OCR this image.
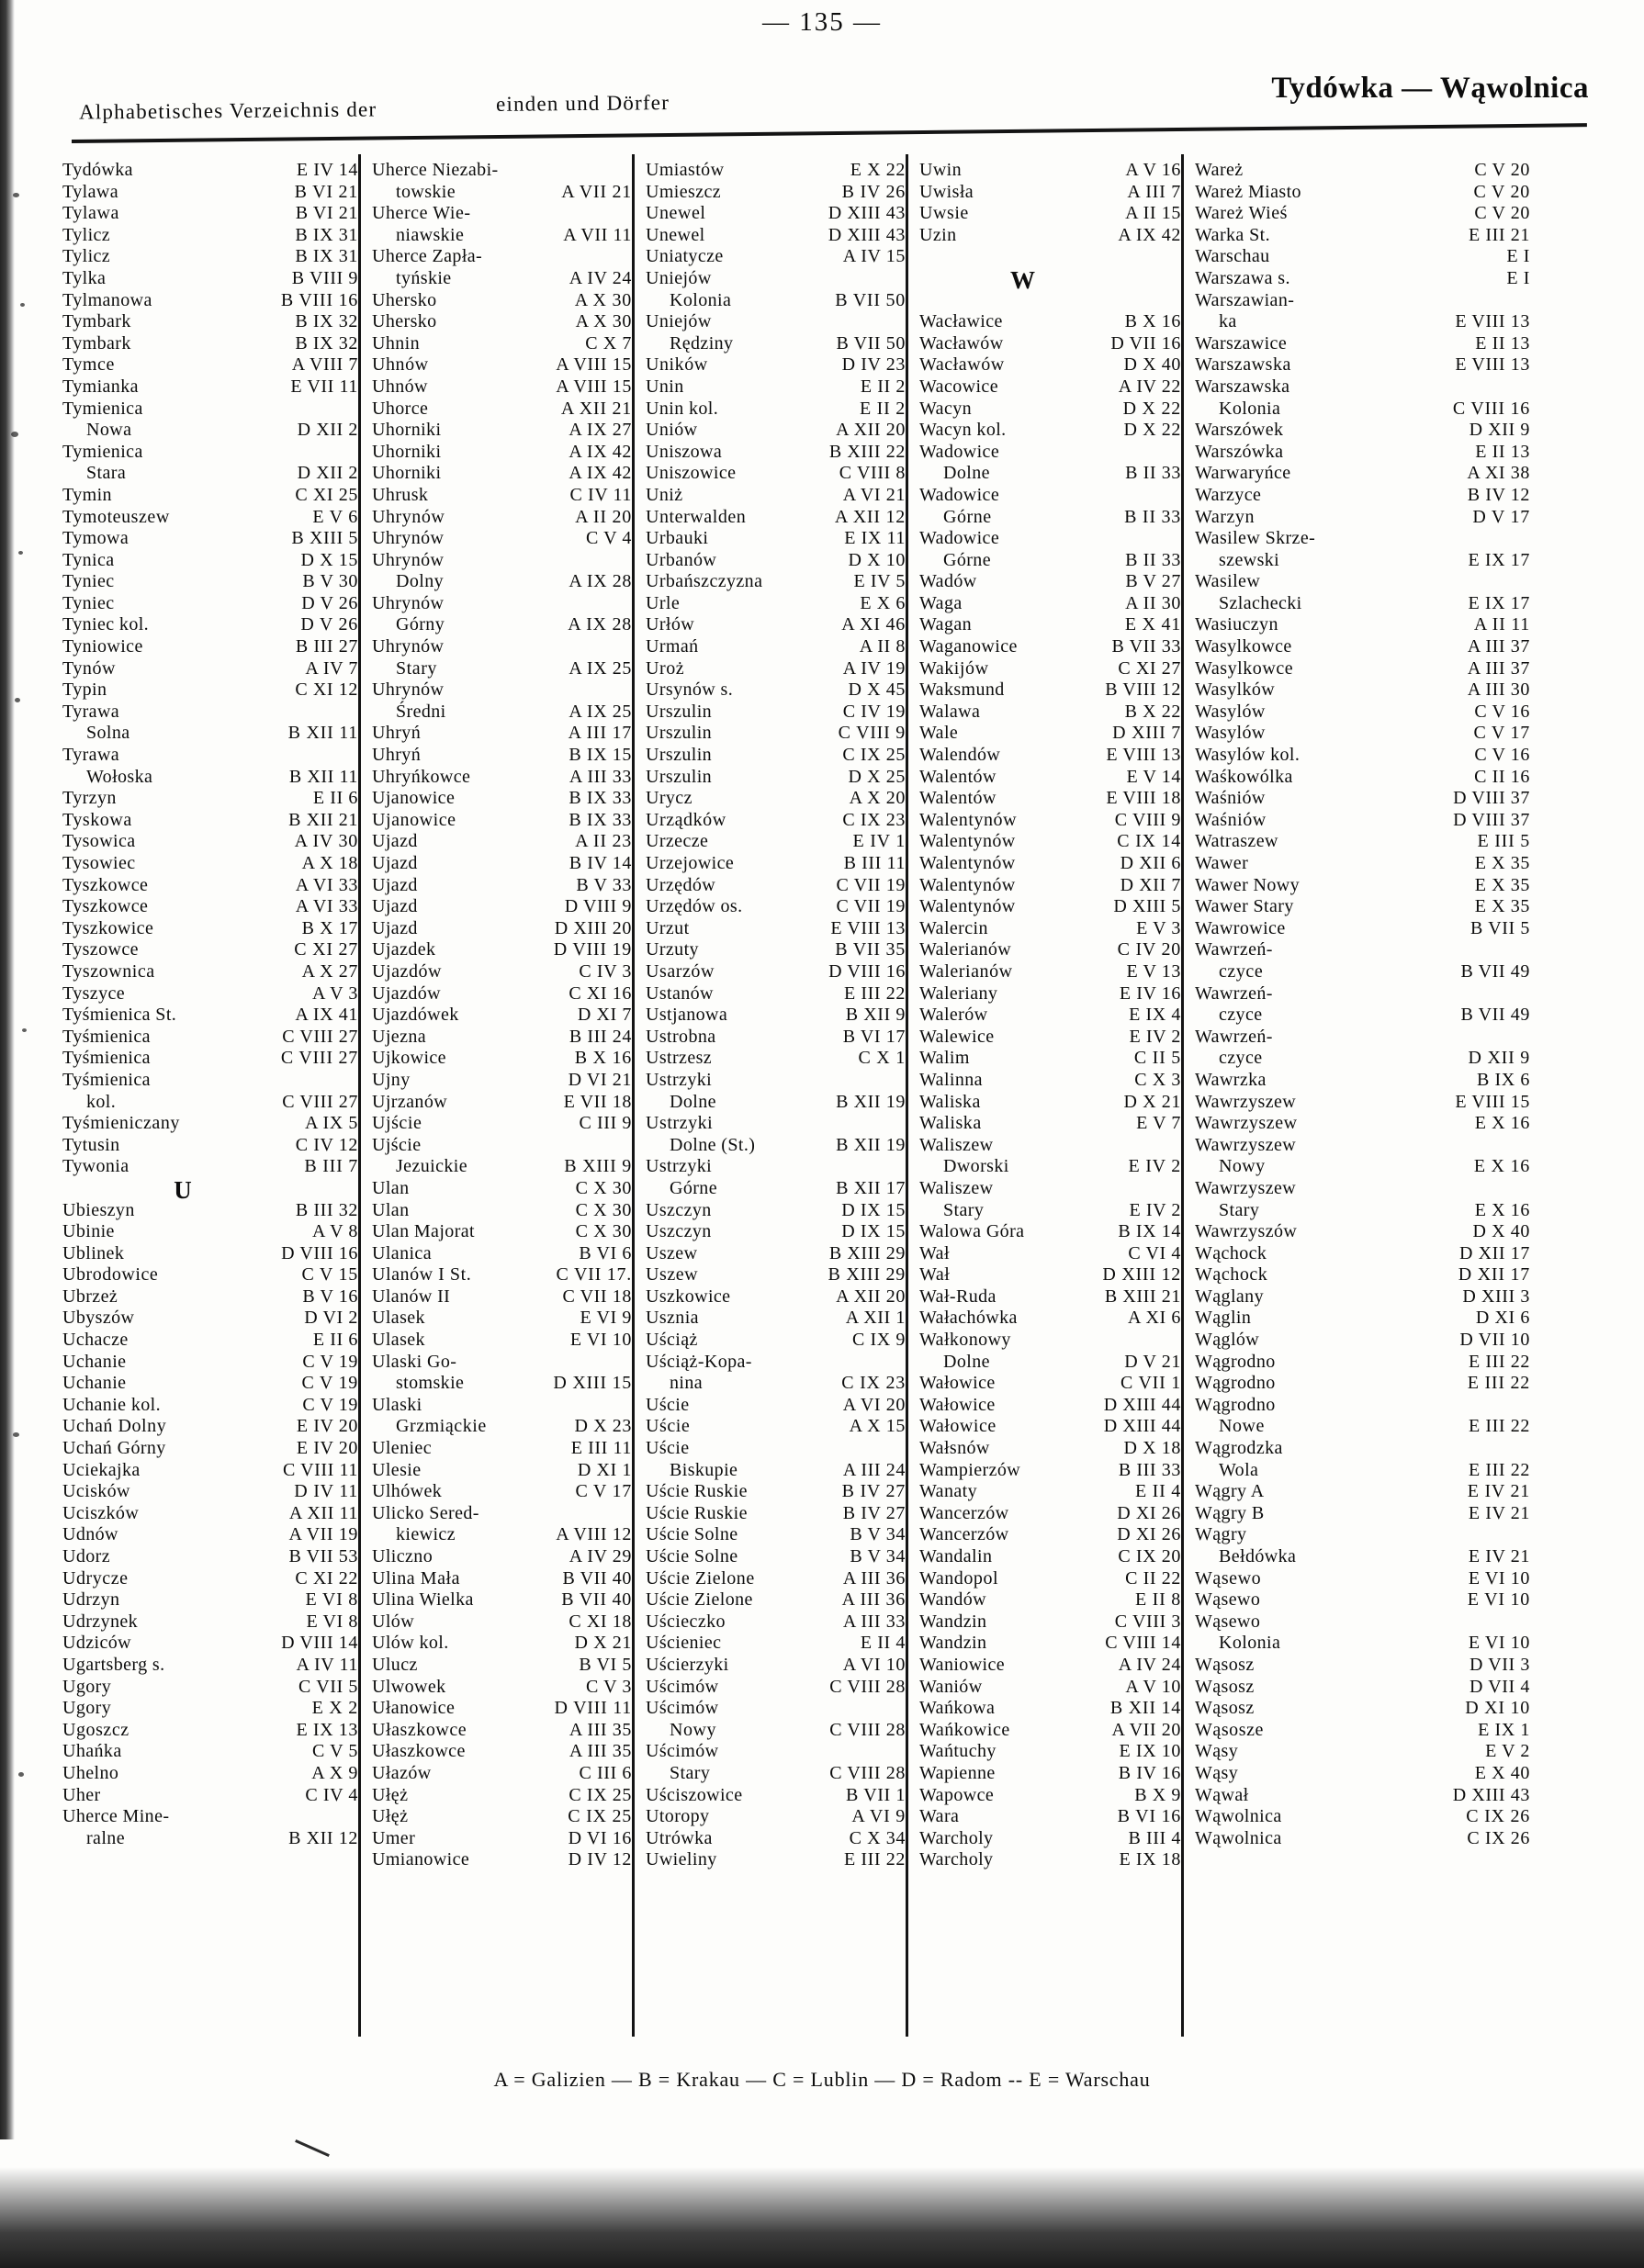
— 135 —
Alphabetisches Verzeichnis der	einden und Dörfer	Tydówka — Wąwolnica
Tydówka	E IV 14
Tylawa	B VI 21
Tylawa	B VI 21
Tylicz	B IX 31
Tylicz	B IX 31
Tylka	B VIII 9
Tylmanowa	B VIII 16
Tymbark	B IX 32
Tymbark	B IX 32
Tymce	A VIII 7
Tymianka	E VII 11
Tymienica
Nowa	D XII 2
Tymienica
Stara	D XII 2
Tymin	C XI 25
Tymoteuszew	E V 6
Tymowa	B XIII 5
Tynica	D X 15
Tyniec	B V 30
Tyniec	D V 26
Tyniec kol.	D V 26
Tyniowice	B III 27
Tynów	A IV 7
Typin	C XI 12
Tyrawa
Solna	B XII 11
Tyrawa
Wołoska	B XII 11
Tyrzyn	E II 6
Tyskowa	B XII 21
Tysowica	A IV 30
Tysowiec	A X 18
Tyszkowce	A VI 33
Tyszkowce	A VI 33
Tyszkowice	B X 17
Tyszowce	C XI 27
Tyszownica	A X 27
Tyszyce	A V 3
Tyśmienica St.	A IX 41
Tyśmienica	C VIII 27
Tyśmienica	C VIII 27
Tyśmienica
kol.	C VIII 27
Tyśmieniczany	A IX 5
Tytusin	C IV 12
Tywonia	B III 7
U
Ubieszyn	B III 32
Ubinie	A V 8
Ublinek	D VIII 16
Ubrodowice	C V 15
Ubrzeż	B V 16
Ubyszów	D VI 2
Uchacze	E II 6
Uchanie	C V 19
Uchanie	C V 19
Uchanie kol.	C V 19
Uchań Dolny	E IV 20
Uchań Górny	E IV 20
Uciekajka	C VIII 11
Ucisków	D IV 11
Uciszków	A XII 11
Udnów	A VII 19
Udorz	B VII 53
Udrycze	C XI 22
Udrzyn	E VI 8
Udrzynek	E VI 8
Udziców	D VIII 14
Ugartsberg s.	A IV 11
Ugory	C VII 5
Ugory	E X 2
Ugoszcz	E IX 13
Uhańka	C V 5
Uhelno	A X 9
Uher	C IV 4
Uherce Mine-
ralne	B XII 12
Uherce Niezabi-
towskie	A VII 21
Uherce Wie-
niawskie	A VII 11
Uherce Zapła-
tyńskie	A IV 24
Uhersko	A X 30
Uhersko	A X 30
Uhnin	C X 7
Uhnów	A VIII 15
Uhnów	A VIII 15
Uhorce	A XII 21
Uhorniki	A IX 27
Uhorniki	A IX 42
Uhorniki	A IX 42
Uhrusk	C IV 11
Uhrynów	A II 20
Uhrynów	C V 4
Uhrynów
Dolny	A IX 28
Uhrynów
Górny	A IX 28
Uhrynów
Stary	A IX 25
Uhrynów
Średni	A IX 25
Uhryń	A III 17
Uhryń	B IX 15
Uhryńkowce	A III 33
Ujanowice	B IX 33
Ujanowice	B IX 33
Ujazd	A II 23
Ujazd	B IV 14
Ujazd	B V 33
Ujazd	D VIII 9
Ujazd	D XIII 20
Ujazdek	D VIII 19
Ujazdów	C IV 3
Ujazdów	C XI 16
Ujazdówek	D XI 7
Ujezna	B III 24
Ujkowice	B X 16
Ujny	D VI 21
Ujrzanów	E VII 18
Ujście	C III 9
Ujście
Jezuickie	B XIII 9
Ulan	C X 30
Ulan	C X 30
Ulan Majorat	C X 30
Ulanica	B VI 6
Ulanów I St.	C VII 17.
Ulanów II	C VII 18
Ulasek	E VI 9
Ulasek	E VI 10
Ulaski Go-
stomskie	D XIII 15
Ulaski
Grzmiąckie	D X 23
Uleniec	E III 11
Ulesie	D XI 1
Ulhówek	C V 17
Ulicko Sered-
kiewicz	A VIII 12
Uliczno	A IV 29
Ulina Mała	B VII 40
Ulina Wielka	B VII 40
Ulów	C XI 18
Ulów kol.	D X 21
Ulucz	B VI 5
Ulwowek	C V 3
Ułanowice	D VIII 11
Ułaszkowce	A III 35
Ułaszkowce	A III 35
Ułazów	C III 6
Ułęż	C IX 25
Ułęż	C IX 25
Umer	D VI 16
Umianowice	D IV 12
Umiastów	E X 22
Umieszcz	B IV 26
Unewel	D XIII 43
Unewel	D XIII 43
Uniatycze	A IV 15
Uniejów
Kolonia	B VII 50
Uniejów
Rędziny	B VII 50
Uników	D IV 23
Unin	E II 2
Unin kol.	E II 2
Uniów	A XII 20
Uniszowa	B XIII 22
Uniszowice	C VIII 8
Uniż	A VI 21
Unterwalden	A XII 12
Urbauki	E IX 11
Urbanów	D X 10
Urbańszczyzna	E IV 5
Urle	E X 6
Urłów	A XI 46
Urmań	A II 8
Uroż	A IV 19
Ursynów s.	D X 45
Urszulin	C IV 19
Urszulin	C VIII 9
Urszulin	C IX 25
Urszulin	D X 25
Urycz	A X 20
Urządków	C IX 23
Urzecze	E IV 1
Urzejowice	B III 11
Urzędów	C VII 19
Urzędów os.	C VII 19
Urzut	E VIII 13
Urzuty	B VII 35
Usarzów	D VIII 16
Ustanów	E III 22
Ustjanowa	B XII 9
Ustrobna	B VI 17
Ustrzesz	C X 1
Ustrzyki
Dolne	B XII 19
Ustrzyki
Dolne (St.)	B XII 19
Ustrzyki
Górne	B XII 17
Uszczyn	D IX 15
Uszczyn	D IX 15
Uszew	B XIII 29
Uszew	B XIII 29
Uszkowice	A XII 20
Usznia	A XII 1
Uściąż	C IX 9
Uściąż-Kopa-
nina	C IX 23
Uście	A VI 20
Uście	A X 15
Uście
Biskupie	A III 24
Uście Ruskie	B IV 27
Uście Ruskie	B IV 27
Uście Solne	B V 34
Uście Solne	B V 34
Uście Zielone	A III 36
Uście Zielone	A III 36
Uścieczko	A III 33
Uścieniec	E II 4
Uścierzyki	A VI 10
Uścimów	C VIII 28
Uścimów
Nowy	C VIII 28
Uścimów
Stary	C VIII 28
Uściszowice	B VII 1
Utoropy	A VI 9
Utrówka	C X 34
Uwieliny	E III 22
Uwin	A V 16
Uwisła	A III 7
Uwsie	A II 15
Uzin	A IX 42
W
Wacławice	B X 16
Wacławów	D VII 16
Wacławów	D X 40
Wacowice	A IV 22
Wacyn	D X 22
Wacyn kol.	D X 22
Wadowice
Dolne	B II 33
Wadowice
Górne	B II 33
Wadowice
Górne	B II 33
Wadów	B V 27
Waga	A II 30
Wagan	E X 41
Waganowice	B VII 33
Wakijów	C XI 27
Waksmund	B VIII 12
Walawa	B X 22
Wale	D XIII 7
Walendów	E VIII 13
Walentów	E V 14
Walentów	E VIII 18
Walentynów	C VIII 9
Walentynów	C IX 14
Walentynów	D XII 6
Walentynów	D XII 7
Walentynów	D XIII 5
Walercin	E V 3
Walerianów	C IV 20
Walerianów	E V 13
Waleriany	E IV 16
Walerów	E IX 4
Walewice	E IV 2
Walim	C II 5
Walinna	C X 3
Waliska	D X 21
Waliska	E V 7
Waliszew
Dworski	E IV 2
Waliszew
Stary	E IV 2
Walowa Góra	B IX 14
Wał	C VI 4
Wał	D XIII 12
Wał-Ruda	B XIII 21
Wałachówka	A XI 6
Wałkonowy
Dolne	D V 21
Wałowice	C VII 1
Wałowice	D XIII 44
Wałowice	D XIII 44
Wałsnów	D X 18
Wampierzów	B III 33
Wanaty	E II 4
Wancerzów	D XI 26
Wancerzów	D XI 26
Wandalin	C IX 20
Wandopol	C II 22
Wandów	E II 8
Wandzin	C VIII 3
Wandzin	C VIII 14
Waniowice	A IV 24
Waniów	A V 10
Wańkowa	B XII 14
Wańkowice	A VII 20
Wańtuchy	E IX 10
Wapienne	B IV 16
Wapowce	B X 9
Wara	B VI 16
Warcholy	B III 4
Warcholy	E IX 18
Wareż	C V 20
Wareż Miasto	C V 20
Wareż Wieś	C V 20
Warka St.	E III 21
Warschau	E I
Warszawa s.	E I
Warszawian-
ka	E VIII 13
Warszawice	E II 13
Warszawska	E VIII 13
Warszawska
Kolonia	C VIII 16
Warszówek	D XII 9
Warszówka	E II 13
Warwaryńce	A XI 38
Warzyce	B IV 12
Warzyn	D V 17
Wasilew Skrze-
szewski	E IX 17
Wasilew
Szlachecki	E IX 17
Wasiuczyn	A II 11
Wasylkowce	A III 37
Wasylkowce	A III 37
Wasylków	A III 30
Wasylów	C V 16
Wasylów	C V 17
Wasylów kol.	C V 16
Waśkowólka	C II 16
Waśniów	D VIII 37
Waśniów	D VIII 37
Watraszew	E III 5
Wawer	E X 35
Wawer Nowy	E X 35
Wawer Stary	E X 35
Wawrowice	B VII 5
Wawrzeń-
czyce	B VII 49
Wawrzeń-
czyce	B VII 49
Wawrzeń-
czyce	D XII 9
Wawrzka	B IX 6
Wawrzyszew	E VIII 15
Wawrzyszew	E X 16
Wawrzyszew
Nowy	E X 16
Wawrzyszew
Stary	E X 16
Wawrzyszów	D X 40
Wąchock	D XII 17
Wąchock	D XII 17
Wąglany	D XIII 3
Wąglin	D XI 6
Wąglów	D VII 10
Wągrodno	E III 22
Wągrodno	E III 22
Wągrodno
Nowe	E III 22
Wągrodzka
Wola	E III 22
Wągry A	E IV 21
Wągry B	E IV 21
Wągry
Bełdówka	E IV 21
Wąsewo	E VI 10
Wąsewo	E VI 10
Wąsewo
Kolonia	E VI 10
Wąsosz	D VII 3
Wąsosz	D VII 4
Wąsosz	D XI 10
Wąsosze	E IX 1
Wąsy	E V 2
Wąsy	E X 40
Wąwał	D XIII 43
Wąwolnica	C IX 26
Wąwolnica	C IX 26
A = Galizien — B = Krakau — C = Lublin — D = Radom -- E = Warschau
